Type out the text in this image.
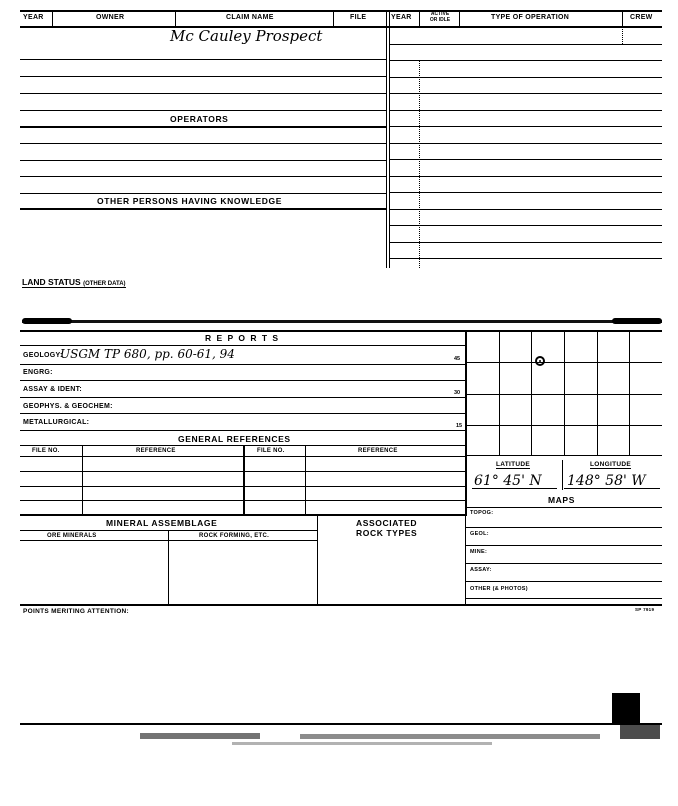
YEAR	OWNER	CLAIM NAME	FILE	YEAR	ACTIVE
OR IDLE	TYPE OF OPERATION	CREW
Mc Cauley Prospect
OPERATORS
OTHER PERSONS HAVING KNOWLEDGE
LAND STATUS (OTHER DATA)
R E P O R T S
GEOLOGY:
USGM TP 680, pp. 60-61, 94	45
ENGRG:
ASSAY & IDENT:	30
GEOPHYS. & GEOCHEM:
METALLURGICAL:	15
GENERAL REFERENCES
FILE NO.	REFERENCE	FILE NO.	REFERENCE
LATITUDE	LONGITUDE
61° 45' N 148° 58' W
MAPS
TOPOG:
GEOL:
MINE:
ASSAY:
OTHER (& PHOTOS)
MINERAL ASSEMBLAGE
ORE MINERALS	ROCK FORMING, ETC.
ASSOCIATED
ROCK TYPES
POINTS MERITING ATTENTION:	SP 7919
